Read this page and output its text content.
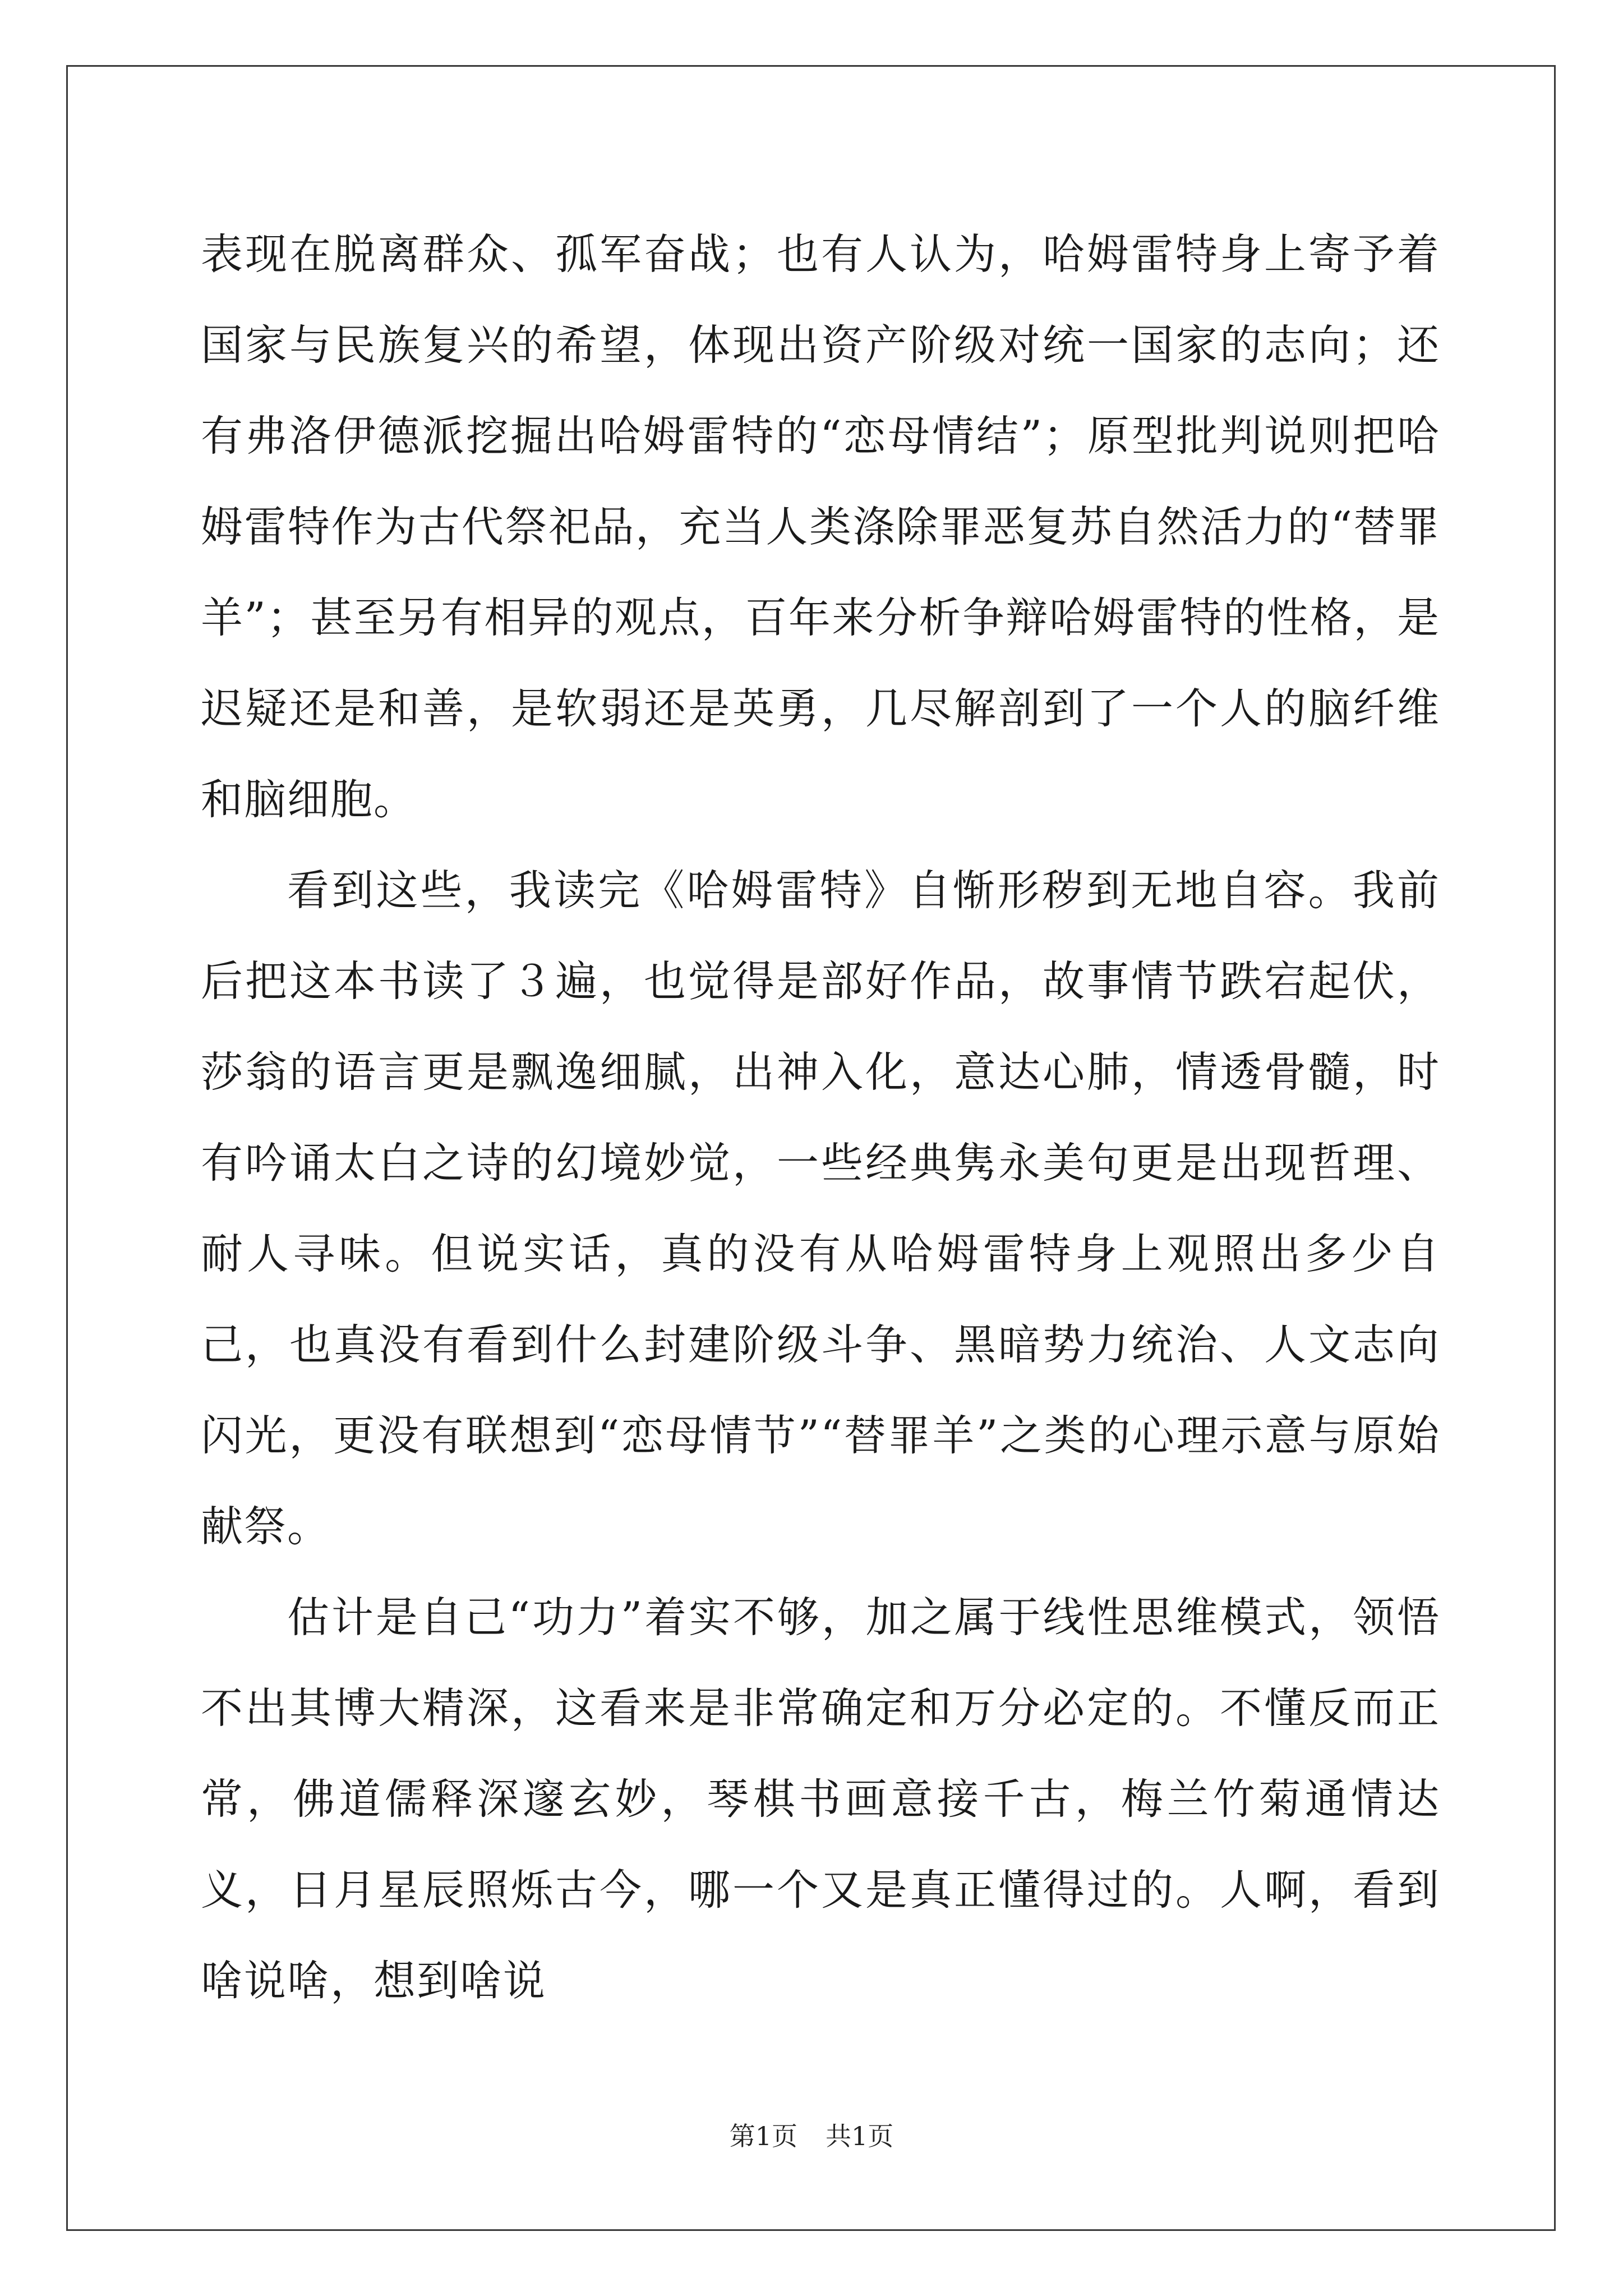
表现在脱离群众、孤军奋战；也有人认为，哈姆雷特身上寄予着国家与民族复兴的希望，体现出资产阶级对统一国家的志向；还有弗洛伊德派挖掘出哈姆雷特的“恋母情结”；原型批判说则把哈姆雷特作为古代祭祀品，充当人类涤除罪恶复苏自然活力的“替罪羊”；甚至另有相异的观点，百年来分析争辩哈姆雷特的性格，是迟疑还是和善，是软弱还是英勇，几尽解剖到了一个人的脑纤维和脑细胞。

看到这些，我读完《哈姆雷特》自惭形秽到无地自容。我前后把这本书读了３遍，也觉得是部好作品，故事情节跌宕起伏，莎翁的语言更是飘逸细腻，出神入化，意达心肺，情透骨髓，时有吟诵太白之诗的幻境妙觉，一些经典隽永美句更是出现哲理、耐人寻味。但说实话，真的没有从哈姆雷特身上观照出多少自己，也真没有看到什么封建阶级斗争、黑暗势力统治、人文志向闪光，更没有联想到“恋母情节”“替罪羊”之类的心理示意与原始献祭。

估计是自己“功力”着实不够，加之属于线性思维模式，领悟不出其博大精深，这看来是非常确定和万分必定的。不懂反而正常，佛道儒释深邃玄妙，琴棋书画意接千古，梅兰竹菊通情达义，日月星辰照烁古今，哪一个又是真正懂得过的。人啊，看到啥说啥，想到啥说

第1页 共1页
